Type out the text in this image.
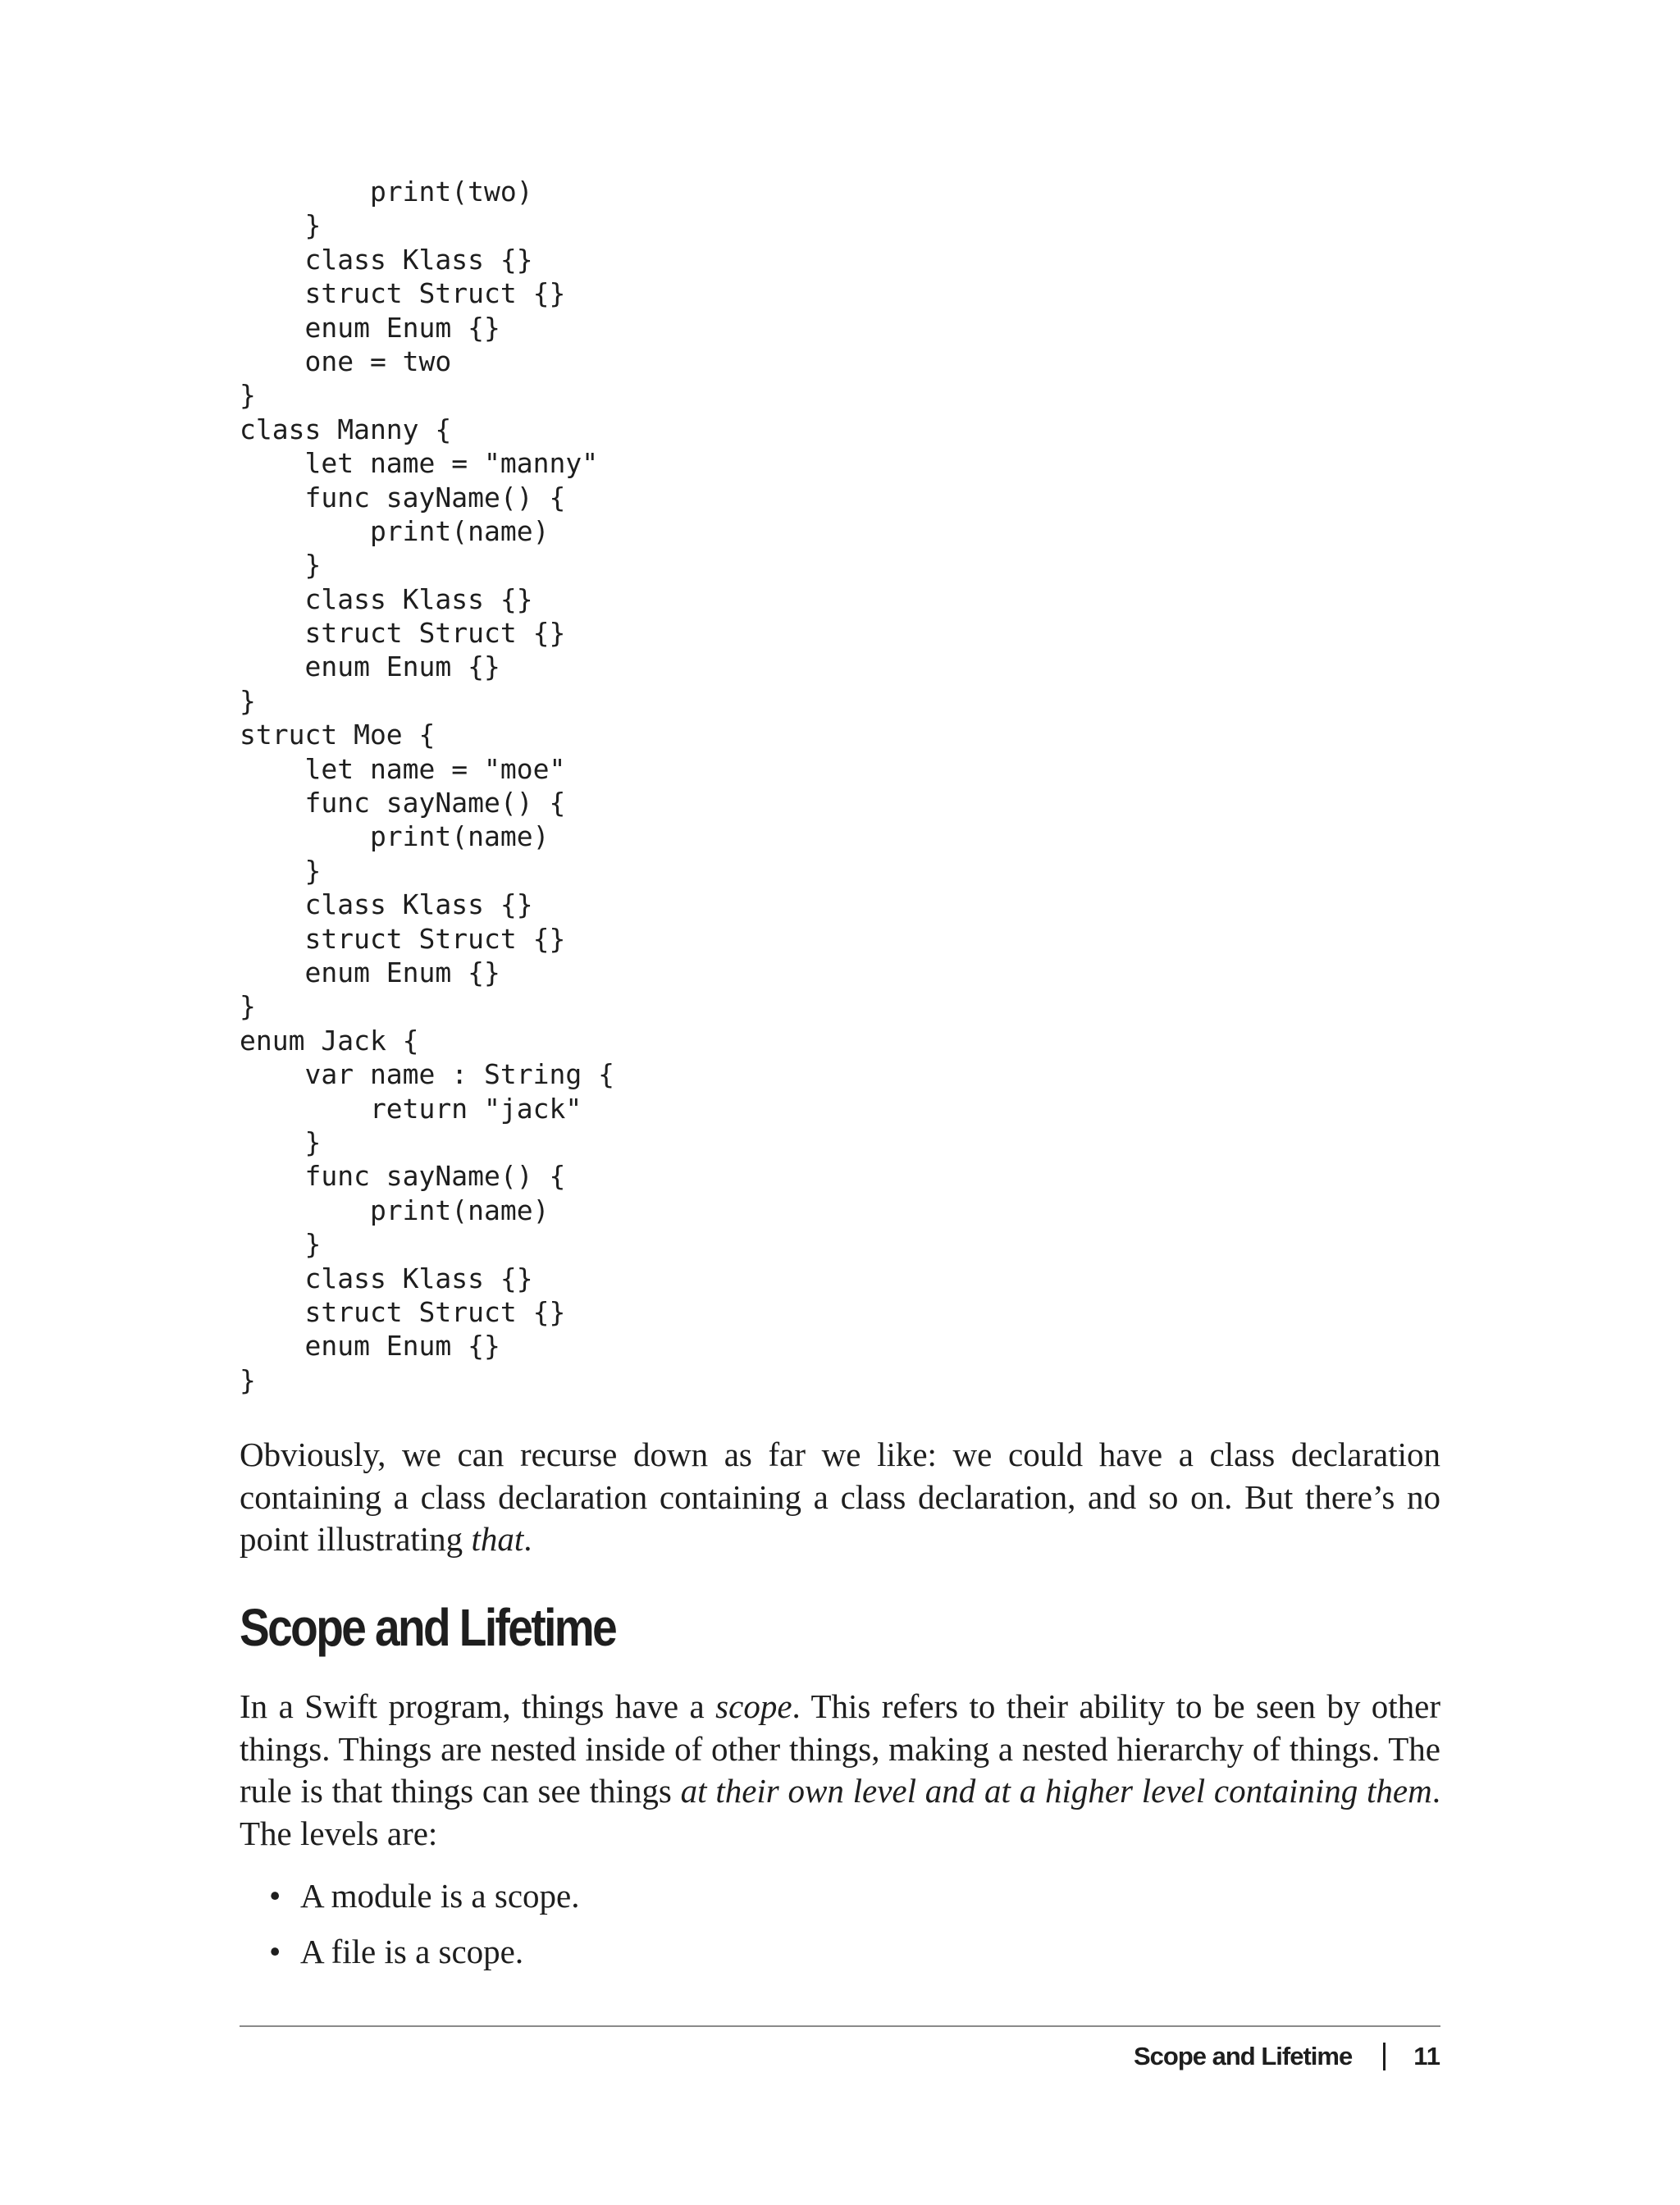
print(two)
}
class Klass {}
struct Struct {}
enum Enum {}
one = two
}
class Manny {
let name = "manny"
func sayName() {
print(name)
}
class Klass {}
struct Struct {}
enum Enum {}
}
struct Moe {
let name = "moe"
func sayName() {
print(name)
}
class Klass {}
struct Struct {}
enum Enum {}
}
enum Jack {
var name : String {
return "jack"
}
func sayName() {
print(name)
}
class Klass {}
struct Struct {}
enum Enum {}
}

Obviously, we can recurse down as far we like: we could have a class declaration containing a class declaration containing a class declaration, and so on. But there’s no point illustrating that.

Scope and Lifetime

In a Swift program, things have a scope. This refers to their ability to be seen by other things. Things are nested inside of other things, making a nested hierarchy of things. The rule is that things can see things at their own level and at a higher level containing them. The levels are:

• A module is a scope.
• A file is a scope.
Scope and Lifetime 11
